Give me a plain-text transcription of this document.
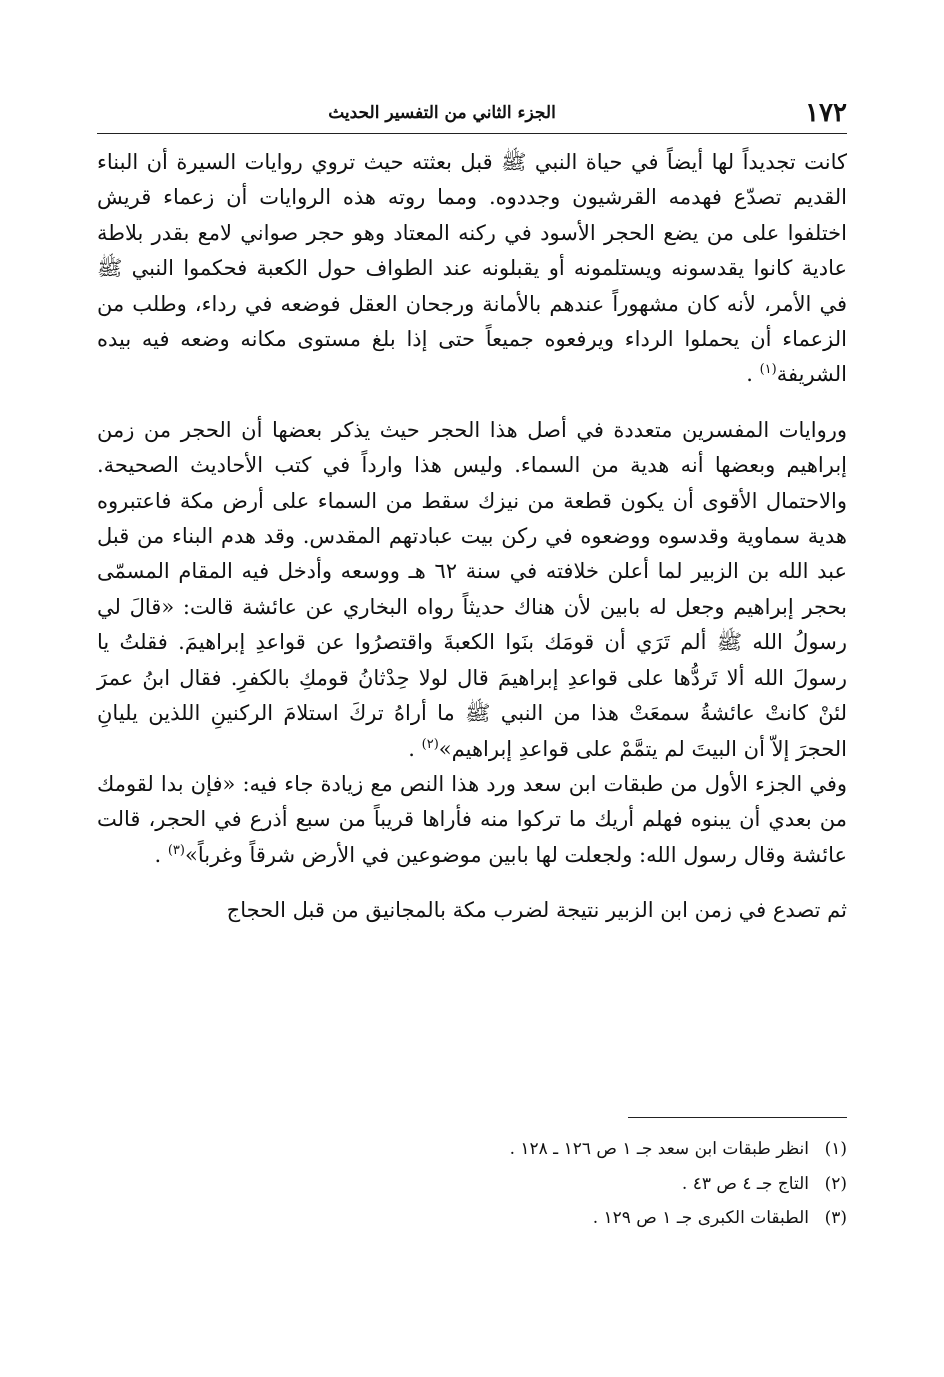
١٧٢
الجزء الثاني من التفسير الحديث

كانت تجديداً لها أيضاً في حياة النبي ﷺ قبل بعثته حيث تروي روايات السيرة أن البناء القديم تصدّع فهدمه القرشيون وجددوه. ومما روته هذه الروايات أن زعماء قريش اختلفوا على من يضع الحجر الأسود في ركنه المعتاد وهو حجر صواني لامع بقدر بلاطة عادية كانوا يقدسونه ويستلمونه أو يقبلونه عند الطواف حول الكعبة فحكموا النبي ﷺ في الأمر، لأنه كان مشهوراً عندهم بالأمانة ورجحان العقل فوضعه في رداء، وطلب من الزعماء أن يحملوا الرداء ويرفعوه جميعاً حتى إذا بلغ مستوى مكانه وضعه فيه بيده الشريفة$^{(١)}$ .

وروايات المفسرين متعددة في أصل هذا الحجر حيث يذكر بعضها أن الحجر من زمن إبراهيم وبعضها أنه هدية من السماء. وليس هذا وارداً في كتب الأحاديث الصحيحة. والاحتمال الأقوى أن يكون قطعة من نيزك سقط من السماء على أرض مكة فاعتبروه هدية سماوية وقدسوه ووضعوه في ركن بيت عبادتهم المقدس. وقد هدم البناء من قبل عبد الله بن الزبير لما أعلن خلافته في سنة ٦٢ هـ ووسعه وأدخل فيه المقام المسمّى بحجر إبراهيم وجعل له بابين لأن هناك حديثاً رواه البخاري عن عائشة قالت: «قالَ لي رسولُ الله ﷺ ألم تَرَي أن قومَك بنَوا الكعبةَ واقتصرُوا عن قواعدِ إبراهيمَ. فقلتُ يا رسولَ الله ألا تَردُّها على قواعدِ إبراهيمَ قال لولا حِدْثانُ قومكِ بالكفرِ. فقال ابنُ عمرَ لئنْ كانتْ عائشةُ سمعَتْ هذا من النبي ﷺ ما أراهُ تركَ استلامَ الركنينِ اللذين يليانِ الحجرَ إلاّ أن البيتَ لم يتمَّمْ على قواعدِ إبراهيم»$^{(٢)}$ .

وفي الجزء الأول من طبقات ابن سعد ورد هذا النص مع زيادة جاء فيه: «فإن بدا لقومك من بعدي أن يبنوه فهلم أريك ما تركوا منه فأراها قريباً من سبع أذرع في الحجر، قالت عائشة وقال رسول الله: ولجعلت لها بابين موضوعين في الأرض شرقاً وغرباً»$^{(٣)}$ .

ثم تصدع في زمن ابن الزبير نتيجة لضرب مكة بالمجانيق من قبل الحجاج

(١)انظر طبقات ابن سعد جـ ١ ص ١٢٦ ـ ١٢٨ .
(٢)التاج جـ ٤ ص ٤٣ .
(٣)الطبقات الكبرى جـ ١ ص ١٢٩ .
